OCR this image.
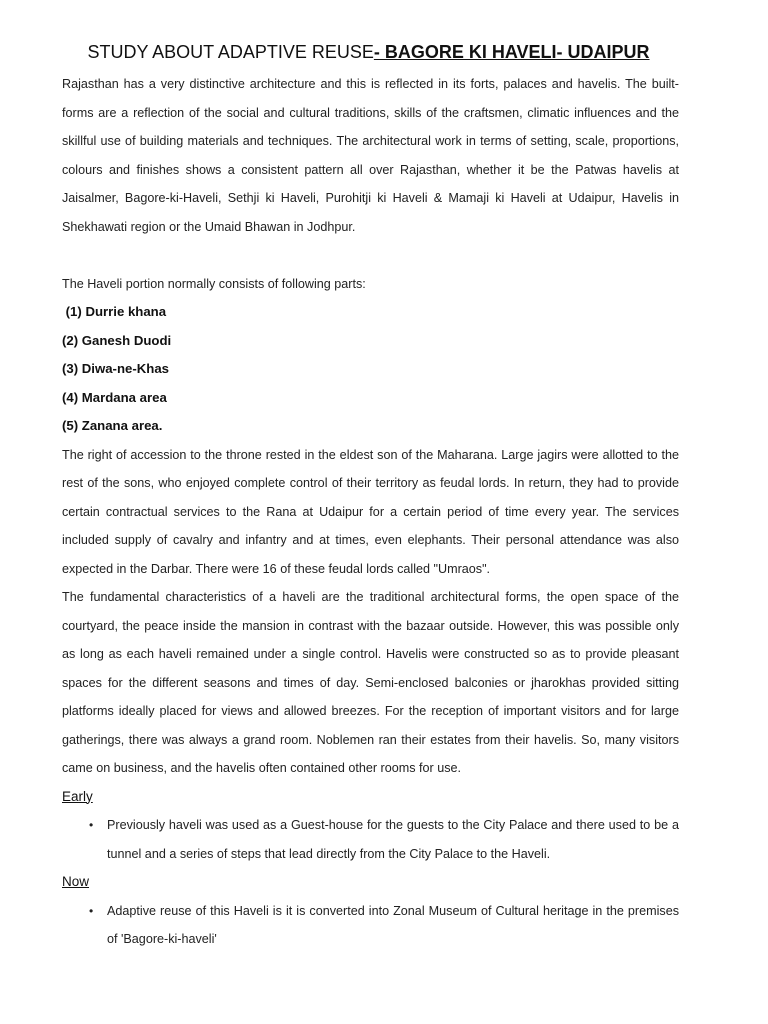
STUDY ABOUT ADAPTIVE REUSE- BAGORE KI HAVELI- UDAIPUR

Rajasthan has a very distinctive architecture and this is reflected in its forts, palaces and havelis. The built-forms are a reflection of the social and cultural traditions, skills of the craftsmen, climatic influences and the skillful use of building materials and techniques. The architectural work in terms of setting, scale, proportions, colours and finishes shows a consistent pattern all over Rajasthan, whether it be the Patwas havelis at Jaisalmer, Bagore-ki-Haveli, Sethji ki Haveli, Purohitji ki Haveli & Mamaji ki Haveli at Udaipur, Havelis in Shekhawati region or the Umaid Bhawan in Jodhpur.

The Haveli portion normally consists of following parts:

(1) Durrie khana
(2) Ganesh Duodi
(3) Diwa-ne-Khas
(4) Mardana area
(5) Zanana area.

The right of accession to the throne rested in the eldest son of the Maharana. Large jagirs were allotted to the rest of the sons, who enjoyed complete control of their territory as feudal lords. In return, they had to provide certain contractual services to the Rana at Udaipur for a certain period of time every year. The services included supply of cavalry and infantry and at times, even elephants. Their personal attendance was also expected in the Darbar. There were 16 of these feudal lords called "Umraos".

The fundamental characteristics of a haveli are the traditional architectural forms, the open space of the courtyard, the peace inside the mansion in contrast with the bazaar outside. However, this was possible only as long as each haveli remained under a single control. Havelis were constructed so as to provide pleasant spaces for the different seasons and times of day. Semi-enclosed balconies or jharokhas provided sitting platforms ideally placed for views and allowed breezes. For the reception of important visitors and for large gatherings, there was always a grand room. Noblemen ran their estates from their havelis. So, many visitors came on business, and the havelis often contained other rooms for use.

Early
• Previously haveli was used as a Guest-house for the guests to the City Palace and there used to be a tunnel and a series of steps that lead directly from the City Palace to the Haveli.
Now
• Adaptive reuse of this Haveli is it is converted into Zonal Museum of Cultural heritage in the premises of 'Bagore-ki-haveli'
